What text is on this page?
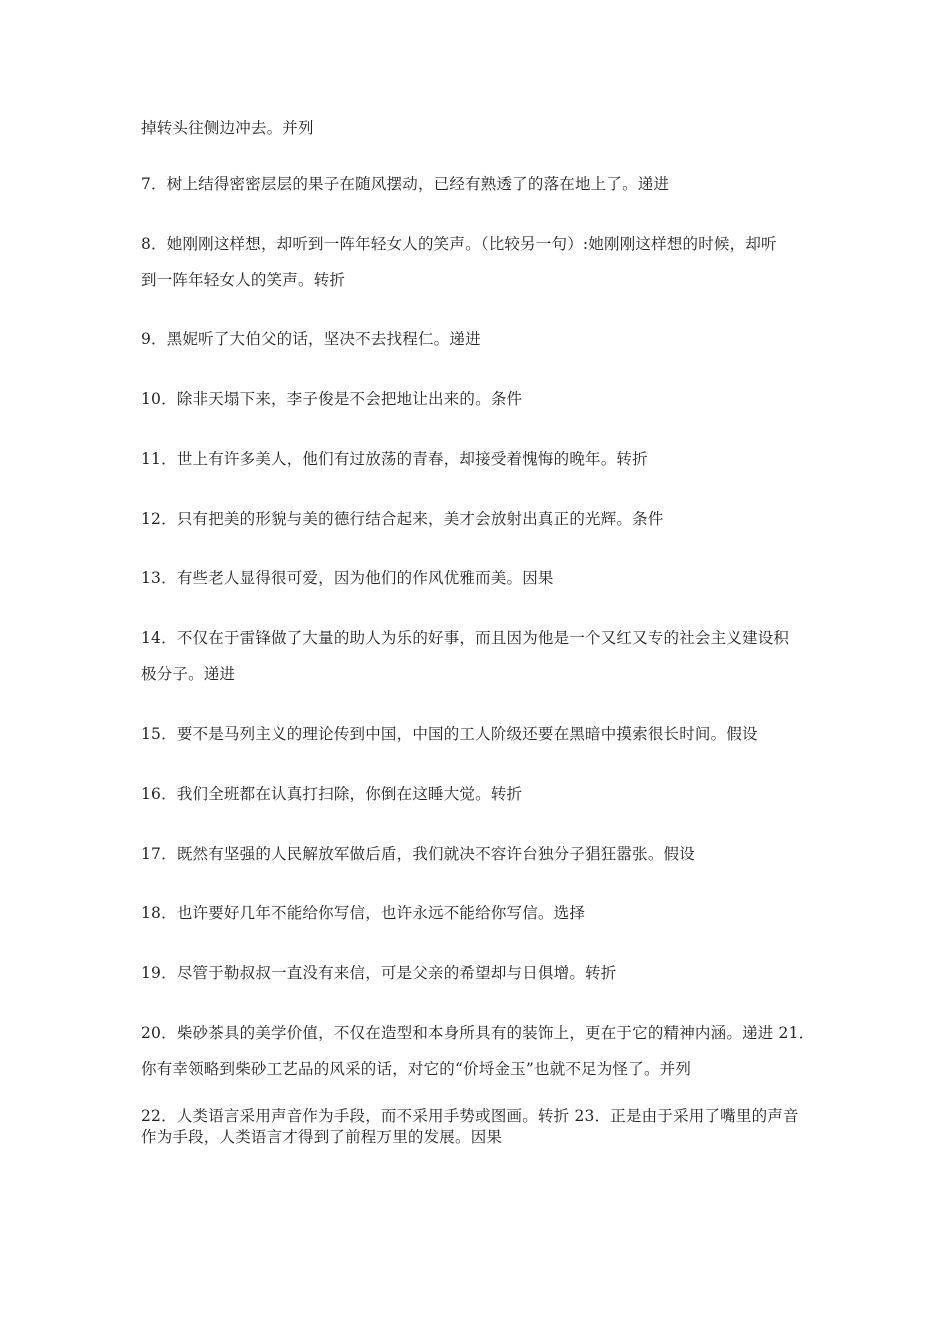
掉转头往侧边冲去。并列
7．树上结得密密层层的果子在随风摆动，已经有熟透了的落在地上了。递进
8．她刚刚这样想，却听到一阵年轻女人的笑声。（比较另一句）:她刚刚这样想的时候，却听
到一阵年轻女人的笑声。转折
9．黑妮听了大伯父的话，坚决不去找程仁。递进
10．除非天塌下来，李子俊是不会把地让出来的。条件
11．世上有许多美人，他们有过放荡的青春，却接受着愧悔的晚年。转折
12．只有把美的形貌与美的德行结合起来，美才会放射出真正的光辉。条件
13．有些老人显得很可爱，因为他们的作风优雅而美。因果
14．不仅在于雷锋做了大量的助人为乐的好事，而且因为他是一个又红又专的社会主义建设积
极分子。递进
15．要不是马列主义的理论传到中国，中国的工人阶级还要在黑暗中摸索很长时间。假设
16．我们全班都在认真打扫除，你倒在这睡大觉。转折
17．既然有坚强的人民解放军做后盾，我们就决不容许台独分子猖狂嚣张。假设
18．也许要好几年不能给你写信，也许永远不能给你写信。选择
19．尽管于勒叔叔一直没有来信，可是父亲的希望却与日俱增。转折
20．柴砂茶具的美学价值，不仅在造型和本身所具有的装饰上，更在于它的精神内涵。递进 21．
你有幸领略到柴砂工艺品的风采的话，对它的“价埒金玉”也就不足为怪了。并列
22．人类语言采用声音作为手段，而不采用手势或图画。转折 23．正是由于采用了嘴里的声音
作为手段，人类语言才得到了前程万里的发展。因果
